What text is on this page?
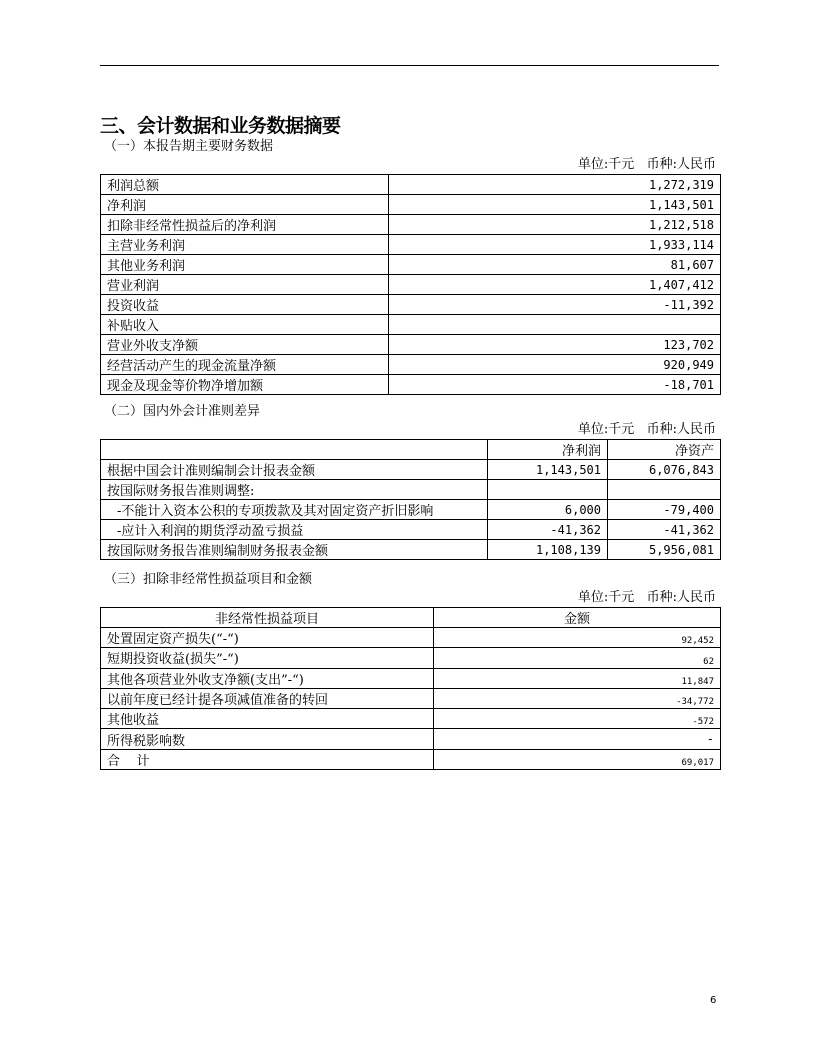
三、会计数据和业务数据摘要
（一）本报告期主要财务数据
单位:千元   币种:人民币
利润总额	1,272,319
净利润	1,143,501
扣除非经常性损益后的净利润	1,212,518
主营业务利润	1,933,114
其他业务利润	81,607
营业利润	1,407,412
投资收益	-11,392
补贴收入	
营业外收支净额	123,702
经营活动产生的现金流量净额	920,949
现金及现金等价物净增加额	-18,701
（二）国内外会计准则差异
单位:千元   币种:人民币
	净利润	净资产
根据中国会计准则编制会计报表金额	1,143,501	6,076,843
按国际财务报告准则调整:		
-不能计入资本公积的专项拨款及其对固定资产折旧影响	6,000	-79,400
-应计入利润的期货浮动盈亏损益	-41,362	-41,362
按国际财务报告准则编制财务报表金额	1,108,139	5,956,081
（三）扣除非经常性损益项目和金额
单位:千元   币种:人民币
非经常性损益项目	金额
处置固定资产损失(“-“)	92,452
短期投资收益(损失”-“)	62
其他各项营业外收支净额(支出”-“)	11,847
以前年度已经计提各项减值准备的转回	-34,772
其他收益	-572
所得税影响数	-
合    计	69,017
6
